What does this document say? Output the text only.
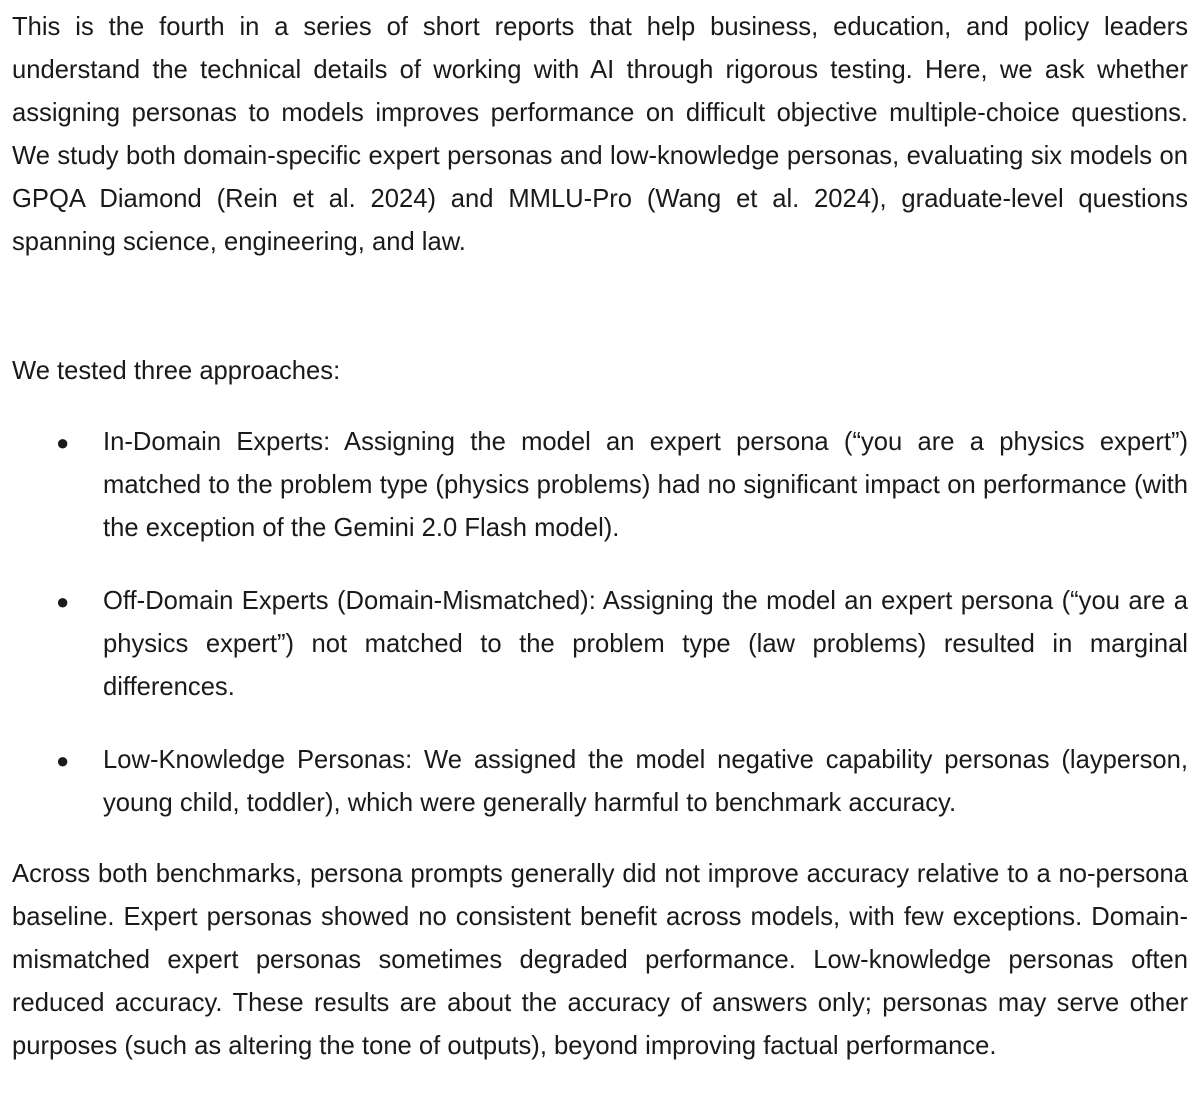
This is the fourth in a series of short reports that help business, education, and policy leaders understand the technical details of working with AI through rigorous testing. Here, we ask whether assigning personas to models improves performance on difficult objective multiple-choice questions. We study both domain-specific expert personas and low-knowledge personas, evaluating six models on GPQA Diamond (Rein et al. 2024) and MMLU-Pro (Wang et al. 2024), graduate-level questions spanning science, engineering, and law.

We tested three approaches:

● In-Domain Experts: Assigning the model an expert persona (“you are a physics expert”) matched to the problem type (physics problems) had no significant impact on performance (with the exception of the Gemini 2.0 Flash model).

● Off-Domain Experts (Domain-Mismatched): Assigning the model an expert persona (“you are a physics expert”) not matched to the problem type (law problems) resulted in marginal differences.

● Low-Knowledge Personas: We assigned the model negative capability personas (layperson, young child, toddler), which were generally harmful to benchmark accuracy.

Across both benchmarks, persona prompts generally did not improve accuracy relative to a no-persona baseline. Expert personas showed no consistent benefit across models, with few exceptions. Domain-mismatched expert personas sometimes degraded performance. Low-knowledge personas often reduced accuracy. These results are about the accuracy of answers only; personas may serve other purposes (such as altering the tone of outputs), beyond improving factual performance.
